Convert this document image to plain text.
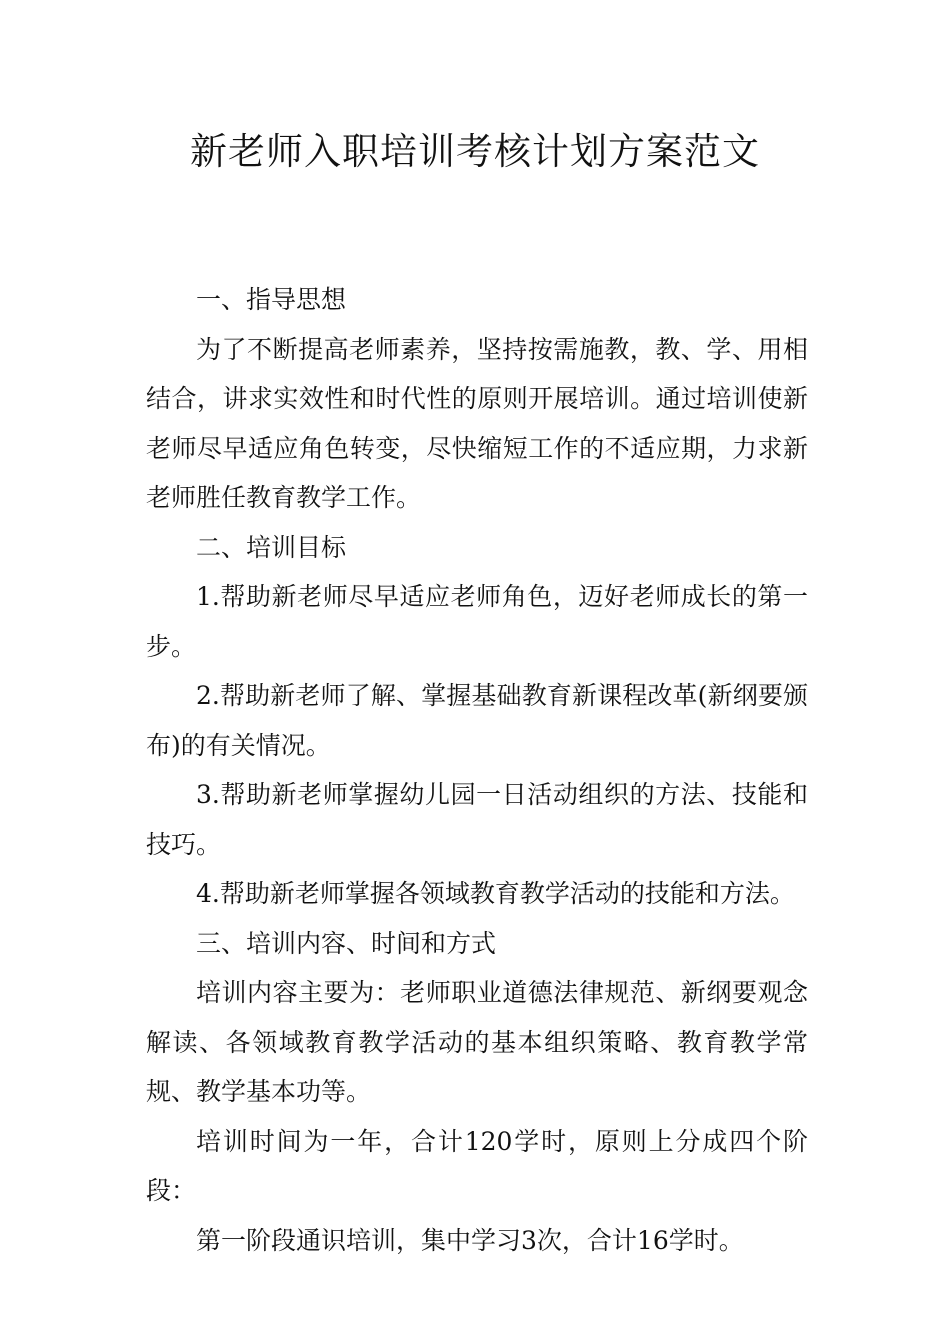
新老师入职培训考核计划方案范文

一、指导思想

为了不断提高老师素养，坚持按需施教，教、学、用相结合，讲求实效性和时代性的原则开展培训。通过培训使新老师尽早适应角色转变，尽快缩短工作的不适应期，力求新老师胜任教育教学工作。

二、培训目标

1.帮助新老师尽早适应老师角色，迈好老师成长的第一步。

2.帮助新老师了解、掌握基础教育新课程改革(新纲要颁布)的有关情况。

3.帮助新老师掌握幼儿园一日活动组织的方法、技能和技巧。

4.帮助新老师掌握各领域教育教学活动的技能和方法。

三、培训内容、时间和方式

培训内容主要为：老师职业道德法律规范、新纲要观念解读、各领域教育教学活动的基本组织策略、教育教学常规、教学基本功等。

培训时间为一年，合计120学时，原则上分成四个阶段：

第一阶段通识培训，集中学习3次，合计16学时。
